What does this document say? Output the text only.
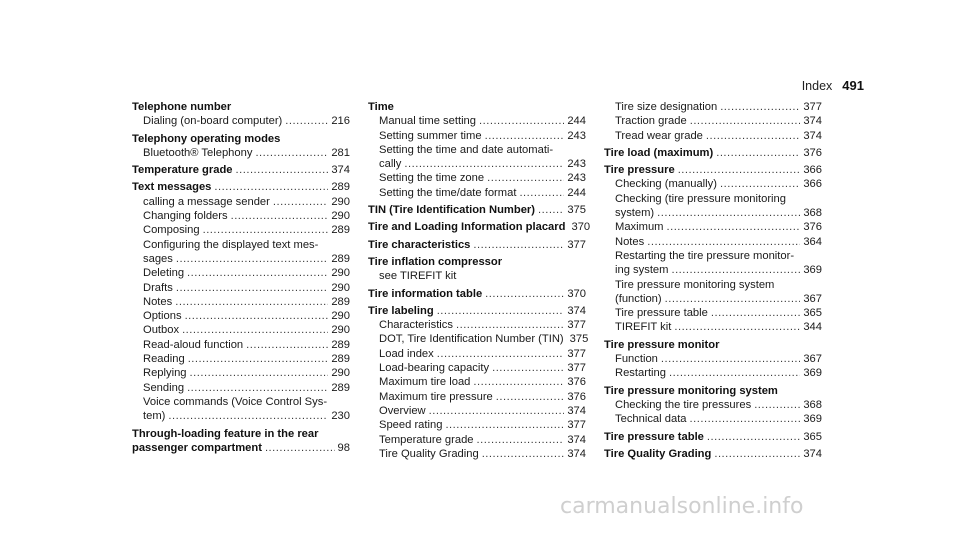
Index 491
Telephone number
Dialing (on-board computer) .....	216
Telephony operating modes
Bluetooth® Telephony .....	281
Temperature grade .....	374
Text messages .....	289
calling a message sender .....	290
Changing folders .....	290
Composing .....	289
Configuring the displayed text mes-
sages .....	289
Deleting .....	290
Drafts .....	290
Notes .....	289
Options .....	290
Outbox .....	290
Read-aloud function .....	289
Reading .....	289
Replying .....	290
Sending .....	289
Voice commands (Voice Control Sys-
tem) .....	230
Through-loading feature in the rear
passenger compartment .....	98
Time
Manual time setting .....	244
Setting summer time .....	243
Setting the time and date automati-
cally .....	243
Setting the time zone .....	243
Setting the time/date format .....	244
TIN (Tire Identification Number) .....	375
Tire and Loading Information placard 370
Tire characteristics .....	377
Tire inflation compressor
see TIREFIT kit
Tire information table .....	370
Tire labeling .....	374
Characteristics .....	377
DOT, Tire Identification Number (TIN) 375
Load index .....	377
Load-bearing capacity .....	377
Maximum tire load .....	376
Maximum tire pressure .....	376
Overview .....	374
Speed rating .....	377
Temperature grade .....	374
Tire Quality Grading .....	374
Tire size designation .....	377
Traction grade .....	374
Tread wear grade .....	374
Tire load (maximum) .....	376
Tire pressure .....	366
Checking (manually) .....	366
Checking (tire pressure monitoring
system) .....	368
Maximum .....	376
Notes .....	364
Restarting the tire pressure monitor-
ing system .....	369
Tire pressure monitoring system
(function) .....	367
Tire pressure table .....	365
TIREFIT kit .....	344
Tire pressure monitor
Function .....	367
Restarting .....	369
Tire pressure monitoring system
Checking the tire pressures .....	368
Technical data .....	369
Tire pressure table .....	365
Tire Quality Grading .....	374
carmanualsonline.info
